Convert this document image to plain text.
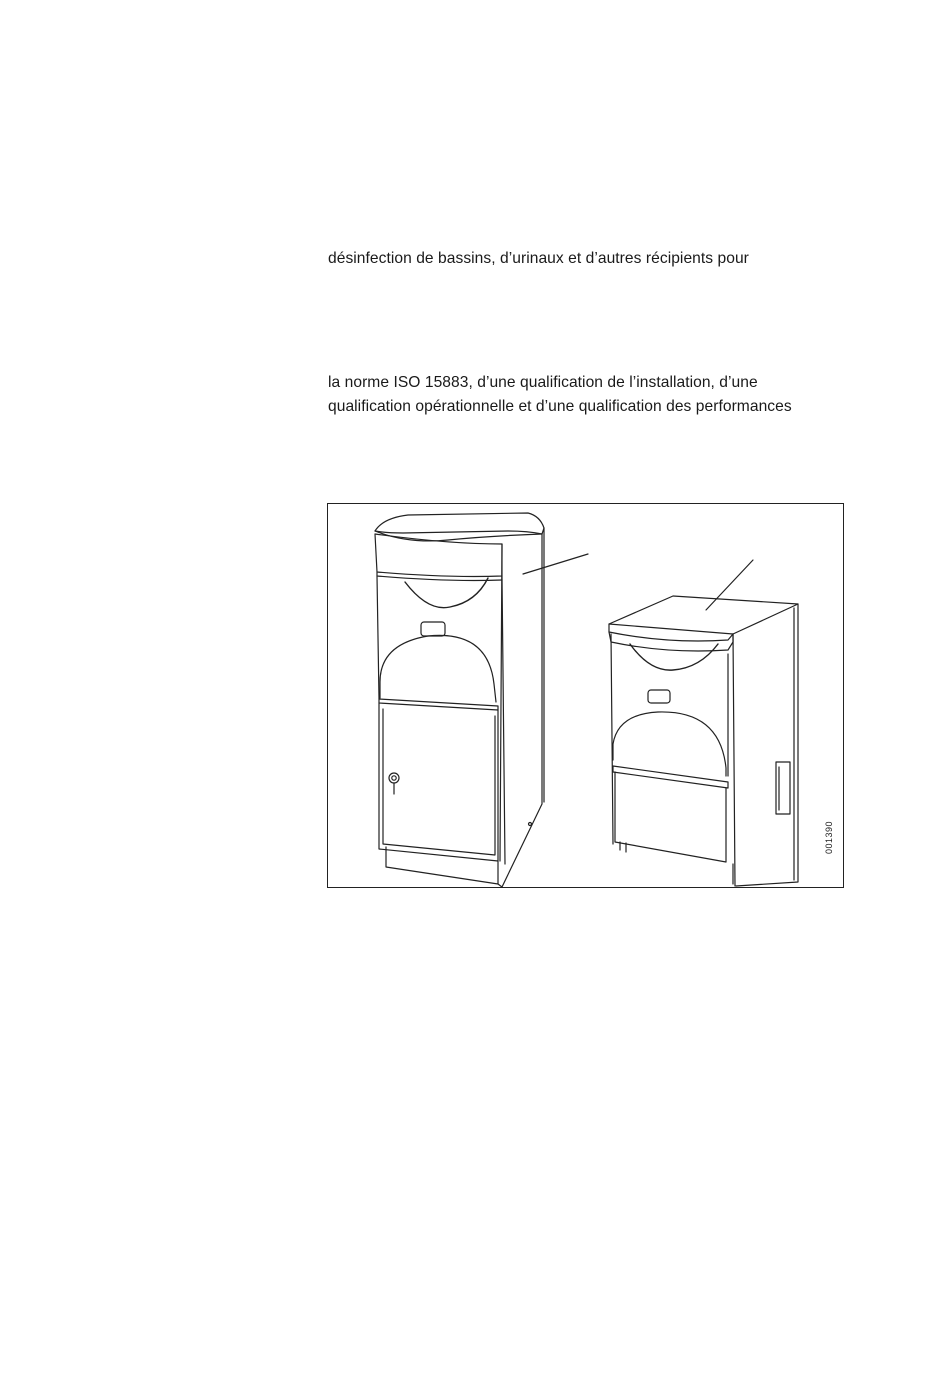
désinfection de bassins, d’urinaux et d’autres récipients pour
la norme ISO 15883, d’une qualification de l’installation, d’une
qualification opérationnelle et d’une qualification des performances
001390
